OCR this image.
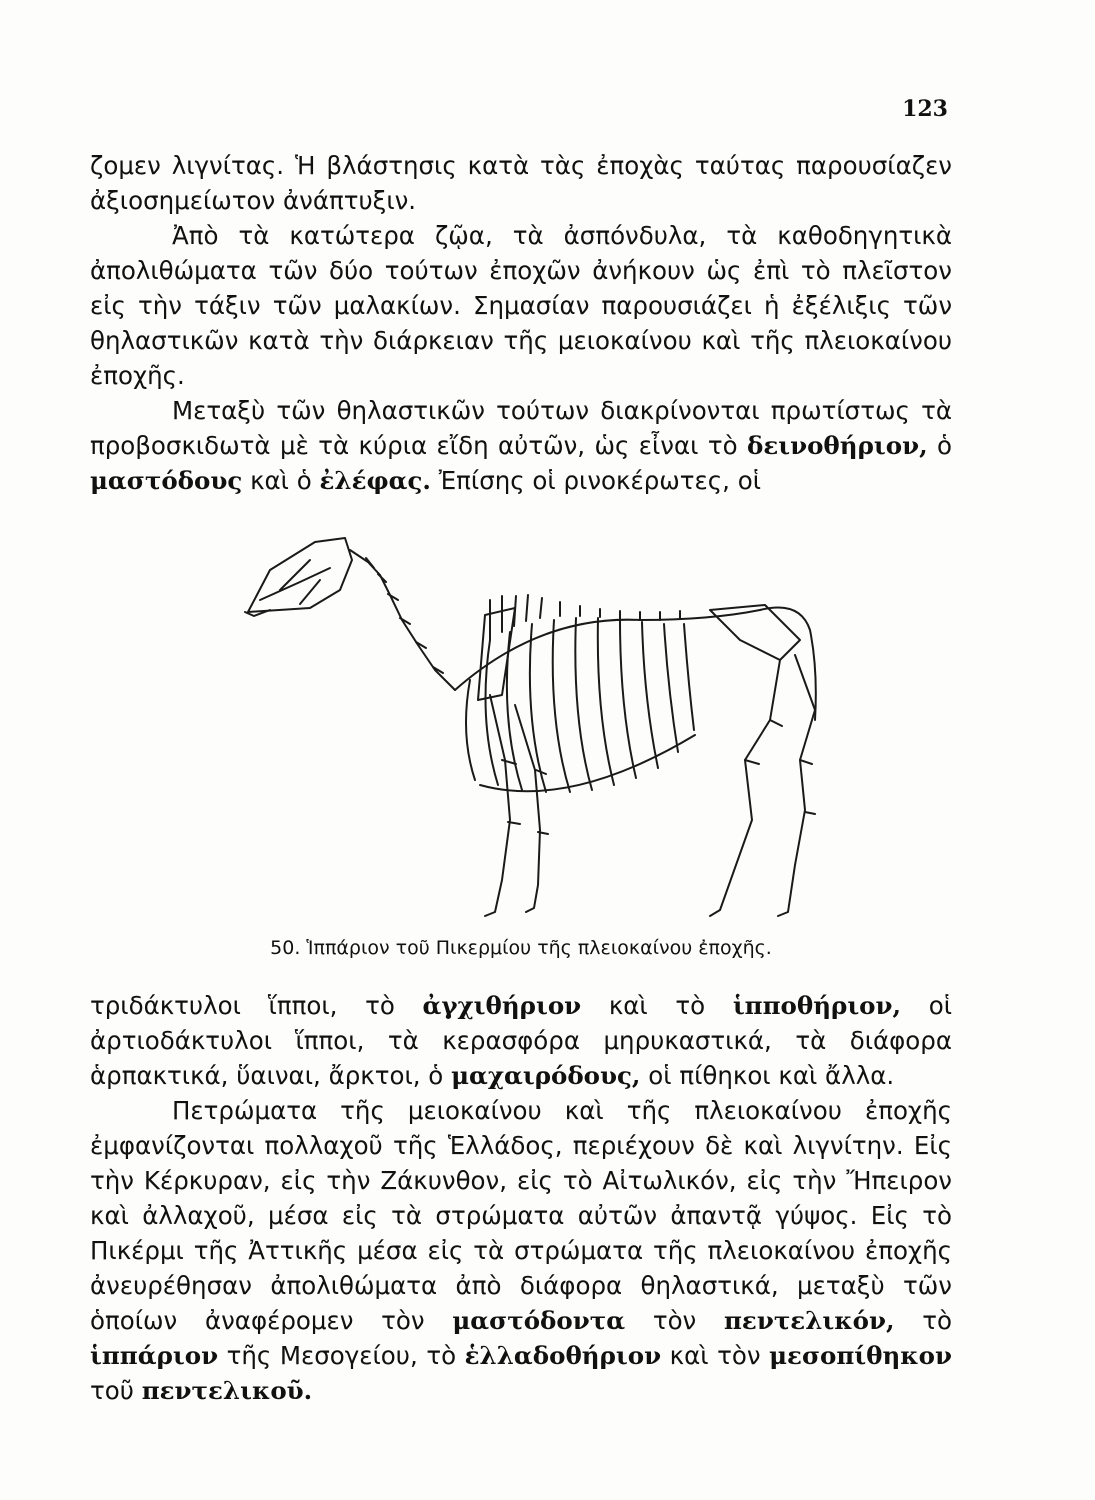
123

ζομεν λιγνίτας. Ἡ βλάστησις κατὰ τὰς ἐποχὰς ταύτας παρουσίαζεν ἀξιοσημείωτον ἀνάπτυξιν.

Ἀπὸ τὰ κατώτερα ζῷα, τὰ ἀσπόνδυλα, τὰ καθοδηγητικὰ ἀπολιθώματα τῶν δύο τούτων ἐποχῶν ἀνήκουν ὡς ἐπὶ τὸ πλεῖστον εἰς τὴν τάξιν τῶν μαλακίων. Σημασίαν παρουσιάζει ἡ ἐξέλιξις τῶν θηλαστικῶν κατὰ τὴν διάρκειαν τῆς μειοκαίνου καὶ τῆς πλειοκαίνου ἐποχῆς.

Μεταξὺ τῶν θηλαστικῶν τούτων διακρίνονται πρωτίστως τὰ προβοσκιδωτὰ μὲ τὰ κύρια εἴδη αὐτῶν, ὡς εἶναι τὸ δεινοθήριον, ὁ μαστόδους καὶ ὁ ἐλέφας. Ἐπίσης οἱ ρινοκέρωτες, οἱ

50. Ἱππάριον τοῦ Πικερμίου τῆς πλειοκαίνου ἐποχῆς.

τριδάκτυλοι ἵπποι, τὸ ἀγχιθήριον καὶ τὸ ἱπποθήριον, οἱ ἀρτιοδάκτυλοι ἵπποι, τὰ κερασφόρα μηρυκαστικά, τὰ διάφορα ἁρπακτικά, ὕαιναι, ἄρκτοι, ὁ μαχαιρόδους, οἱ πίθηκοι καὶ ἄλλα.

Πετρώματα τῆς μειοκαίνου καὶ τῆς πλειοκαίνου ἐποχῆς ἐμφανίζονται πολλαχοῦ τῆς Ἑλλάδος, περιέχουν δὲ καὶ λιγνίτην. Εἰς τὴν Κέρκυραν, εἰς τὴν Ζάκυνθον, εἰς τὸ Αἰτωλικόν, εἰς τὴν Ἤπειρον καὶ ἀλλαχοῦ, μέσα εἰς τὰ στρώματα αὐτῶν ἀπαντᾷ γύψος. Εἰς τὸ Πικέρμι τῆς Ἀττικῆς μέσα εἰς τὰ στρώματα τῆς πλειοκαίνου ἐποχῆς ἀνευρέθησαν ἀπολιθώματα ἀπὸ διάφορα θηλαστικά, μεταξὺ τῶν ὁποίων ἀναφέρομεν τὸν μαστόδοντα τὸν πεντελικόν, τὸ ἱππάριον τῆς Μεσογείου, τὸ ἑλλαδοθήριον καὶ τὸν μεσοπίθηκον τοῦ πεντελικοῦ.
